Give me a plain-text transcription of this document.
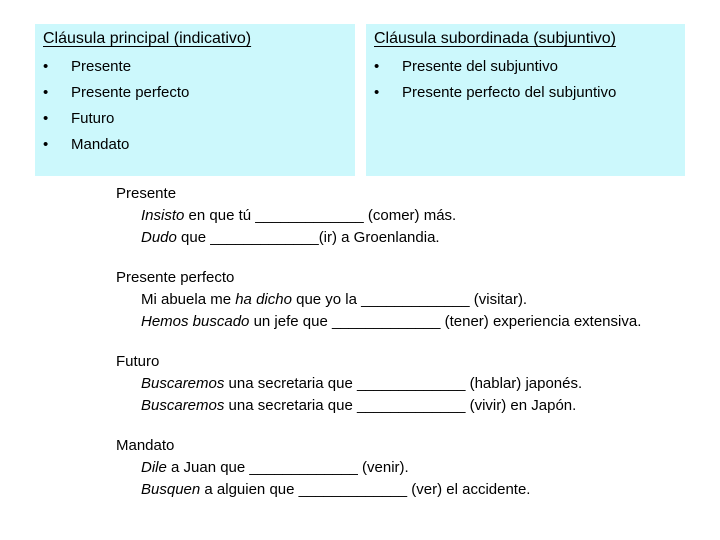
Cláusula principal (indicativo)
•	Presente
•	Presente perfecto
•	Futuro
•	Mandato
Cláusula subordinada (subjuntivo)
•	Presente del subjuntivo
•	Presente perfecto del subjuntivo
Presente
Insisto en que tú _____________ (comer) más.
Dudo que _____________(ir) a Groenlandia.
Presente perfecto
Mi abuela me ha dicho que yo la _____________ (visitar).
Hemos buscado un jefe que _____________ (tener) experiencia extensiva.
Futuro
Buscaremos una secretaria que _____________ (hablar) japonés.
Buscaremos una secretaria que _____________ (vivir) en Japón.
Mandato
Dile a Juan que _____________ (venir).
Busquen a alguien que _____________ (ver) el accidente.
